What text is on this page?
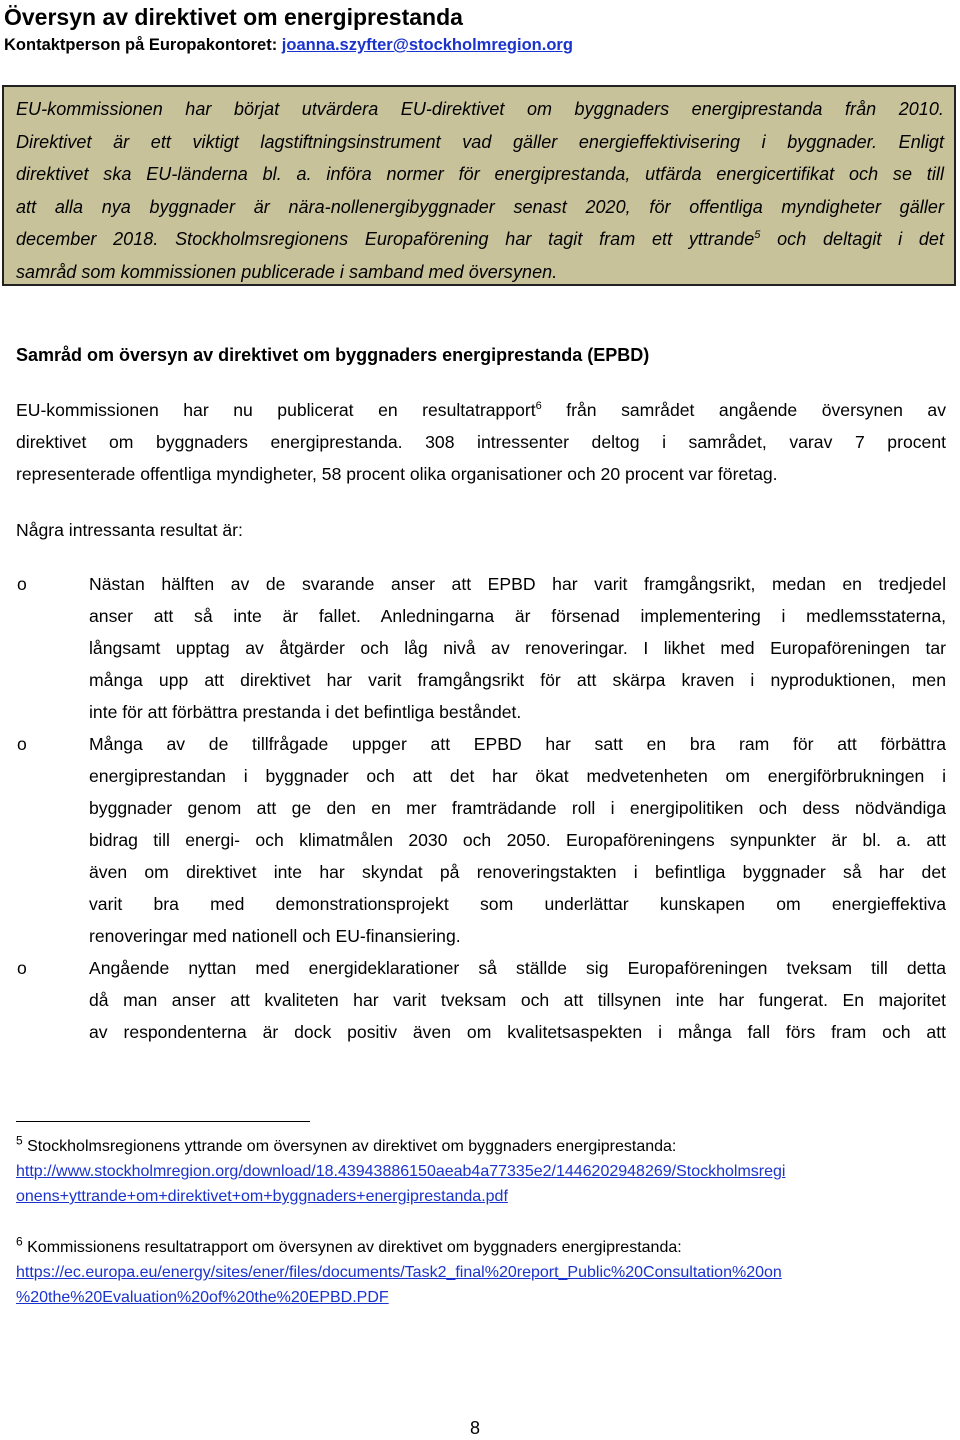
Översyn av direktivet om energiprestanda
Kontaktperson på Europakontoret: joanna.szyfter@stockholmregion.org
EU-kommissionen har börjat utvärdera EU-direktivet om byggnaders energiprestanda från 2010.
Direktivet är ett viktigt lagstiftningsinstrument vad gäller energieffektivisering i byggnader. Enligt
direktivet ska EU-länderna bl. a. införa normer för energiprestanda, utfärda energicertifikat och se till
att alla nya byggnader är nära-nollenergibyggnader senast 2020, för offentliga myndigheter gäller
december 2018. Stockholmsregionens Europaförening har tagit fram ett yttrande$^5$ och deltagit i det
samråd som kommissionen publicerade i samband med översynen.
Samråd om översyn av direktivet om byggnaders energiprestanda (EPBD)
EU-kommissionen har nu publicerat en resultatrapport$^6$ från samrådet angående översynen av
direktivet om byggnaders energiprestanda. 308 intressenter deltog i samrådet, varav 7 procent
representerade offentliga myndigheter, 58 procent olika organisationer och 20 procent var företag.
Några intressanta resultat är:
o	Nästan hälften av de svarande anser att EPBD har varit framgångsrikt, medan en tredjedel
anser att så inte är fallet. Anledningarna är försenad implementering i medlemsstaterna,
långsamt upptag av åtgärder och låg nivå av renoveringar. I likhet med Europaföreningen tar
många upp att direktivet har varit framgångsrikt för att skärpa kraven i nyproduktionen, men
inte för att förbättra prestanda i det befintliga beståndet.
o	Många av de tillfrågade uppger att EPBD har satt en bra ram för att förbättra
energiprestandan i byggnader och att det har ökat medvetenheten om energiförbrukningen i
byggnader genom att ge den en mer framträdande roll i energipolitiken och dess nödvändiga
bidrag till energi- och klimatmålen 2030 och 2050. Europaföreningens synpunkter är bl. a. att
även om direktivet inte har skyndat på renoveringstakten i befintliga byggnader så har det
varit bra med demonstrationsprojekt som underlättar kunskapen om energieffektiva
renoveringar med nationell och EU-finansiering.
o	Angående nyttan med energideklarationer så ställde sig Europaföreningen tveksam till detta
då man anser att kvaliteten har varit tveksam och att tillsynen inte har fungerat. En majoritet
av respondenterna är dock positiv även om kvalitetsaspekten i många fall förs fram och att
$^5$ Stockholmsregionens yttrande om översynen av direktivet om byggnaders energiprestanda:
http://www.stockholmregion.org/download/18.43943886150aeab4a77335e2/1446202948269/Stockholmsregi
onens+yttrande+om+direktivet+om+byggnaders+energiprestanda.pdf
$^6$ Kommissionens resultatrapport om översynen av direktivet om byggnaders energiprestanda:
https://ec.europa.eu/energy/sites/ener/files/documents/Task2_final%20report_Public%20Consultation%20on
%20the%20Evaluation%20of%20the%20EPBD.PDF
8
